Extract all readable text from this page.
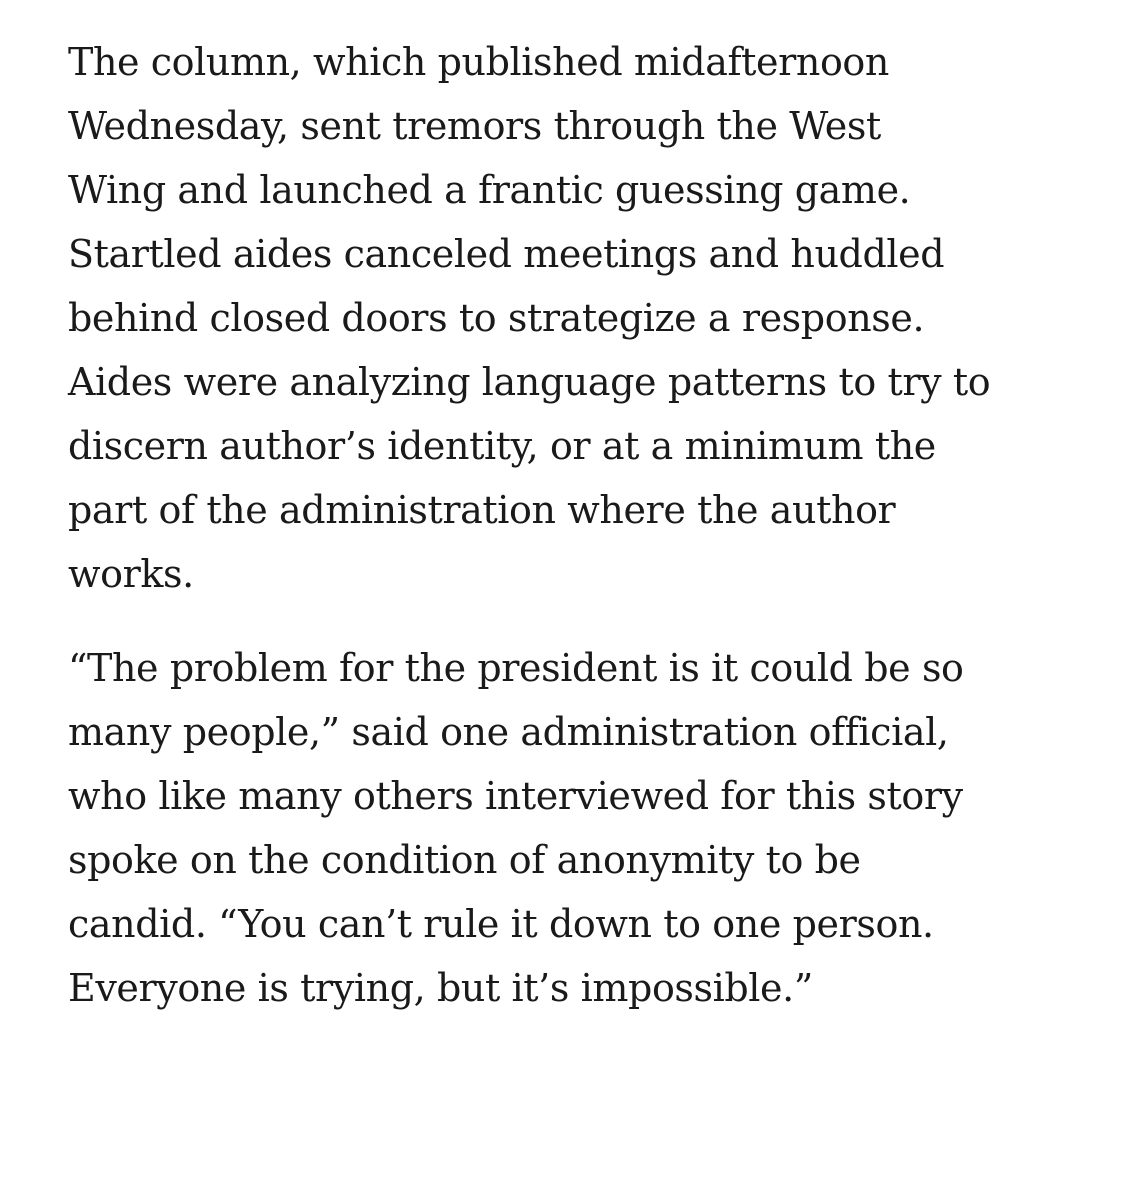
The column, which published midafternoon
Wednesday, sent tremors through the West
Wing and launched a frantic guessing game.
Startled aides canceled meetings and huddled
behind closed doors to strategize a response.
Aides were analyzing language patterns to try to
discern author’s identity, or at a minimum the
part of the administration where the author
works.

“The problem for the president is it could be so
many people,” said one administration official,
who like many others interviewed for this story
spoke on the condition of anonymity to be
candid. “You can’t rule it down to one person.
Everyone is trying, but it’s impossible.”
